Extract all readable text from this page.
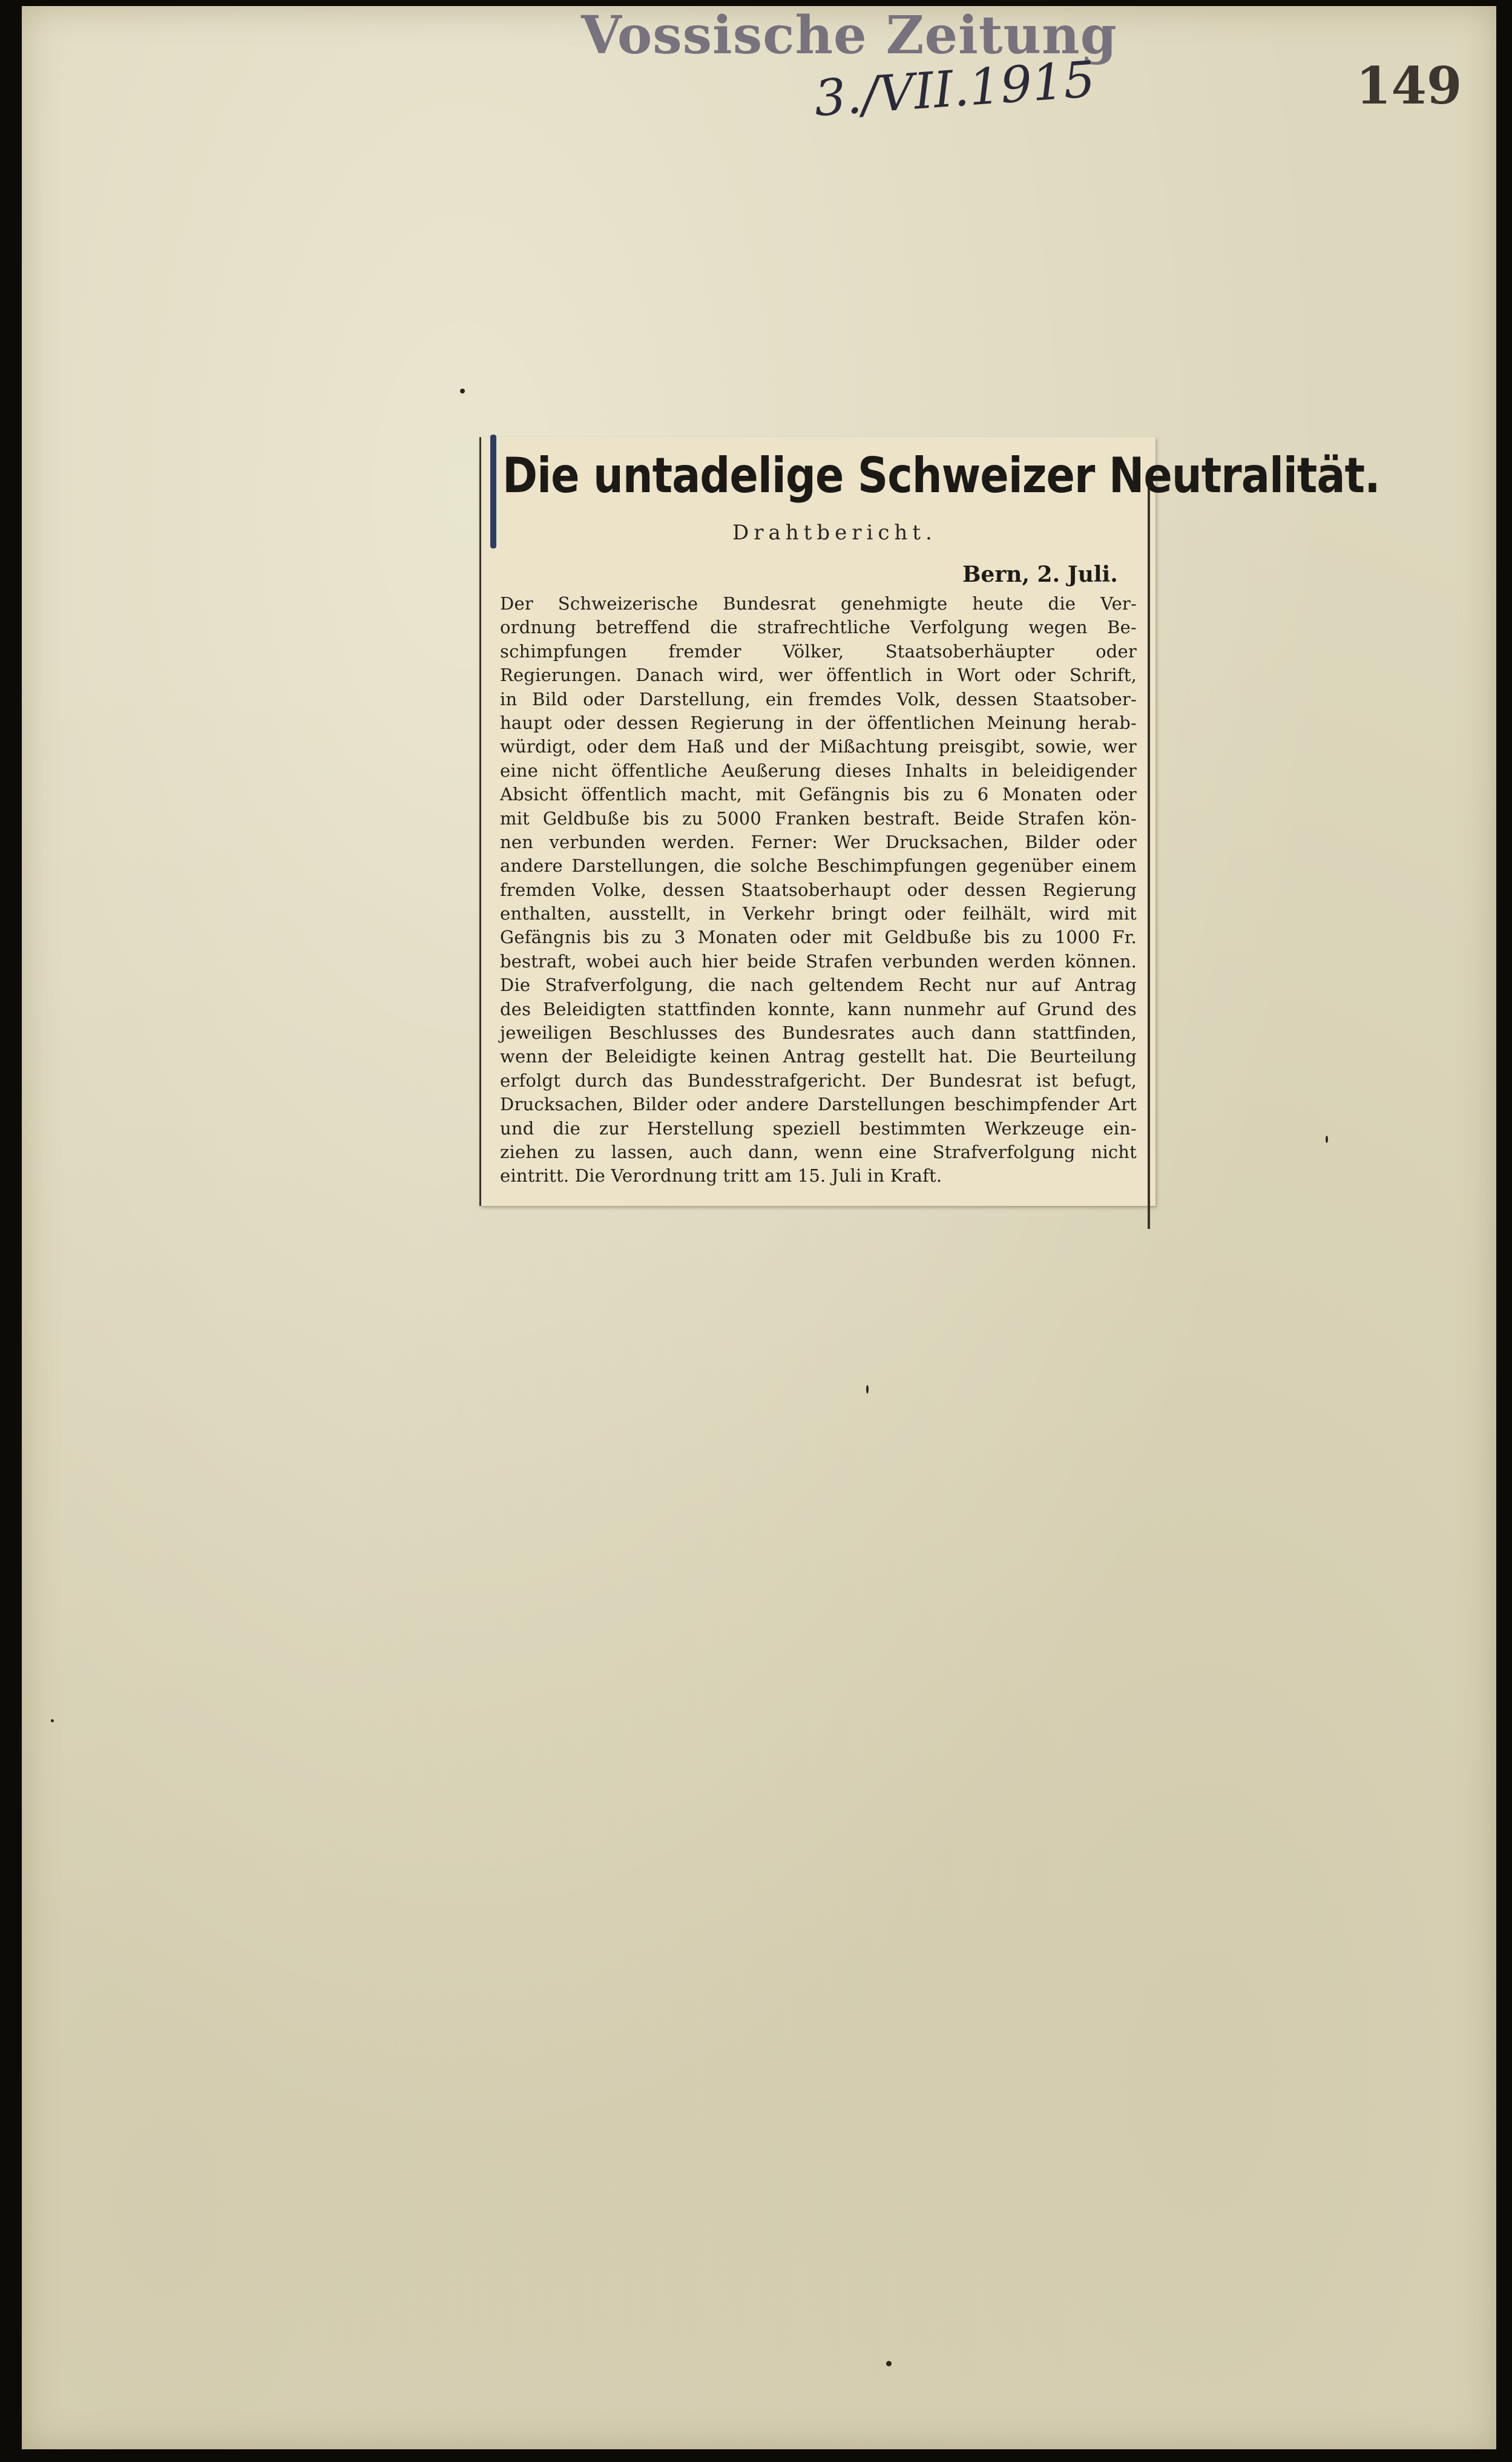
Vossische Zeitung
3./VII.1915	149
Die untadelige Schweizer Neutralität.
Drahtbericht.
Bern, 2. Juli.
Der Schweizerische Bundesrat genehmigte heute die Ver-
ordnung betreffend die strafrechtliche Verfolgung wegen Be-
schimpfungen fremder Völker, Staatsoberhäupter oder
Regierungen. Danach wird, wer öffentlich in Wort oder Schrift,
in Bild oder Darstellung, ein fremdes Volk, dessen Staatsober-
haupt oder dessen Regierung in der öffentlichen Meinung herab-
würdigt, oder dem Haß und der Mißachtung preisgibt, sowie, wer
eine nicht öffentliche Aeußerung dieses Inhalts in beleidigender
Absicht öffentlich macht, mit Gefängnis bis zu 6 Monaten oder
mit Geldbuße bis zu 5000 Franken bestraft. Beide Strafen kön-
nen verbunden werden. Ferner: Wer Drucksachen, Bilder oder
andere Darstellungen, die solche Beschimpfungen gegenüber einem
fremden Volke, dessen Staatsoberhaupt oder dessen Regierung
enthalten, ausstellt, in Verkehr bringt oder feilhält, wird mit
Gefängnis bis zu 3 Monaten oder mit Geldbuße bis zu 1000 Fr.
bestraft, wobei auch hier beide Strafen verbunden werden können.
Die Strafverfolgung, die nach geltendem Recht nur auf Antrag
des Beleidigten stattfinden konnte, kann nunmehr auf Grund des
jeweiligen Beschlusses des Bundesrates auch dann stattfinden,
wenn der Beleidigte keinen Antrag gestellt hat. Die Beurteilung
erfolgt durch das Bundesstrafgericht. Der Bundesrat ist befugt,
Drucksachen, Bilder oder andere Darstellungen beschimpfender Art
und die zur Herstellung speziell bestimmten Werkzeuge ein-
ziehen zu lassen, auch dann, wenn eine Strafverfolgung nicht
eintritt. Die Verordnung tritt am 15. Juli in Kraft.
